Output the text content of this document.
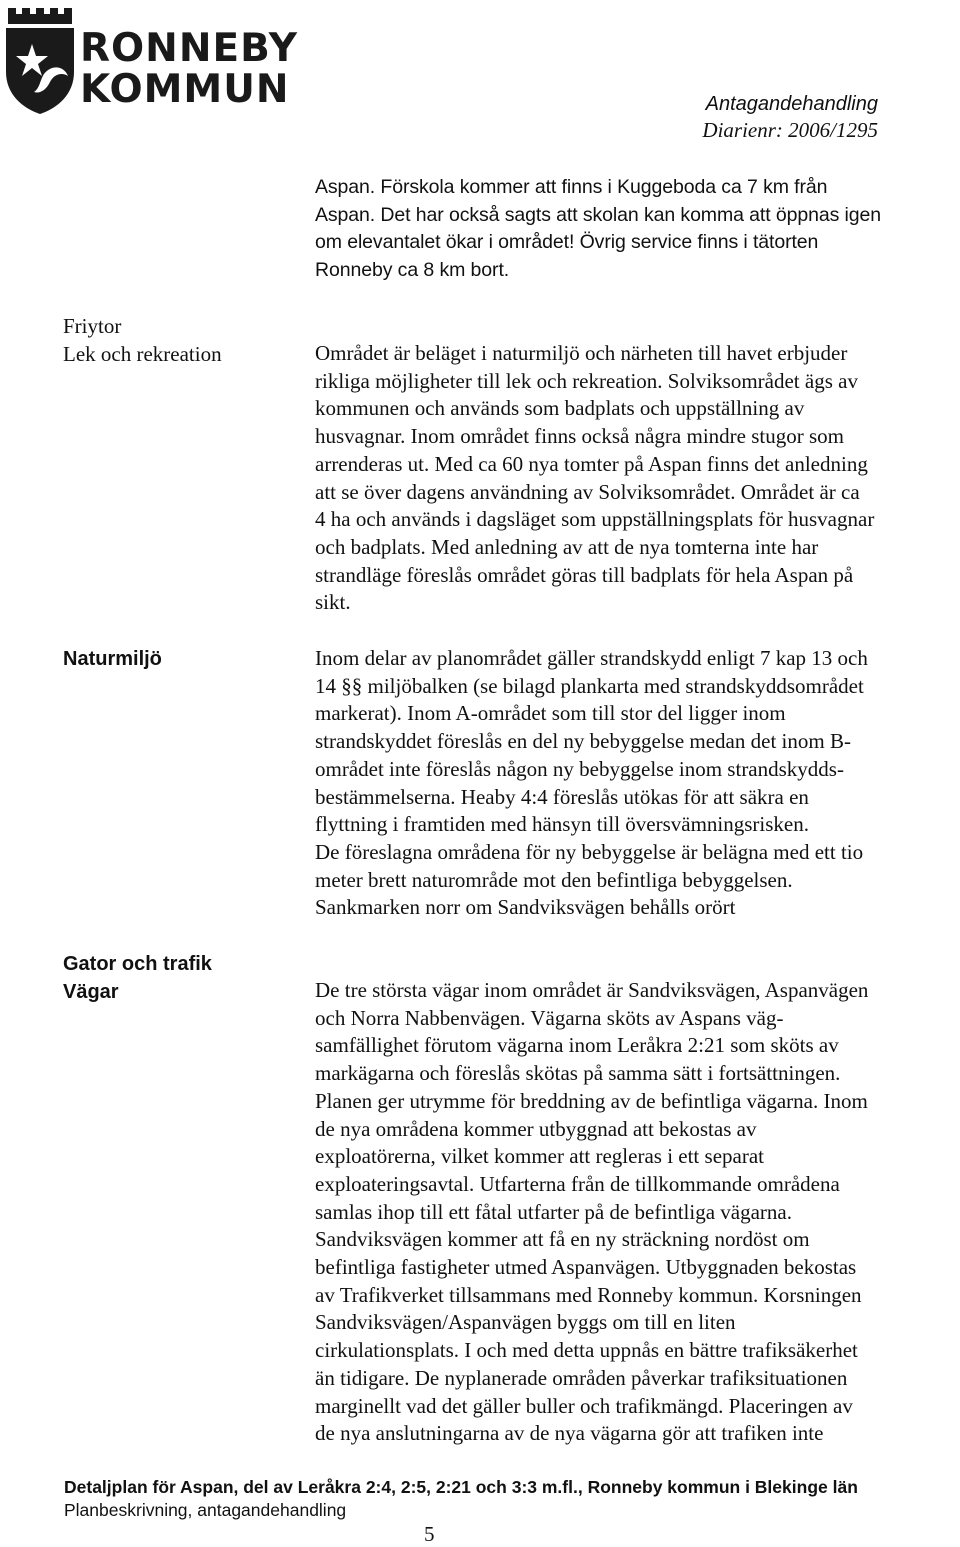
RONNEBY
KOMMUN	Antagandehandling
Diarienr: 2006/1295

Aspan. Förskola kommer att finns i Kuggeboda ca 7 km från
Aspan. Det har också sagts att skolan kan komma att öppnas igen
om elevantalet ökar i området! Övrig service finns i tätorten
Ronneby ca 8 km bort.

Friytor
Lek och rekreation	Området är beläget i naturmiljö och närheten till havet erbjuder
rikliga möjligheter till lek och rekreation. Solviksområdet ägs av
kommunen och används som badplats och uppställning av
husvagnar. Inom området finns också några mindre stugor som
arrenderas ut. Med ca 60 nya tomter på Aspan finns det anledning
att se över dagens användning av Solviksområdet. Området är ca
4 ha och används i dagsläget som uppställningsplats för husvagnar
och badplats. Med anledning av att de nya tomterna inte har
strandläge föreslås området göras till badplats för hela Aspan på
sikt.

Naturmiljö	Inom delar av planområdet gäller strandskydd enligt 7 kap 13 och
14 §§ miljöbalken (se bilagd plankarta med strandskyddsområdet
markerat). Inom A-området som till stor del ligger inom
strandskyddet föreslås en del ny bebyggelse medan det inom B-
området inte föreslås någon ny bebyggelse inom strandskydds-
bestämmelserna. Heaby 4:4 föreslås utökas för att säkra en
flyttning i framtiden med hänsyn till översvämningsrisken.
De föreslagna områdena för ny bebyggelse är belägna med ett tio
meter brett naturområde mot den befintliga bebyggelsen.
Sankmarken norr om Sandviksvägen behålls orört

Gator och trafik
Vägar	De tre största vägar inom området är Sandviksvägen, Aspanvägen
och Norra Nabbenvägen. Vägarna sköts av Aspans väg-
samfällighet förutom vägarna inom Leråkra 2:21 som sköts av
markägarna och föreslås skötas på samma sätt i fortsättningen.
Planen ger utrymme för breddning av de befintliga vägarna. Inom
de nya områdena kommer utbyggnad att bekostas av
exploatörerna, vilket kommer att regleras i ett separat
exploateringsavtal. Utfarterna från de tillkommande områdena
samlas ihop till ett fåtal utfarter på de befintliga vägarna.
Sandviksvägen kommer att få en ny sträckning nordöst om
befintliga fastigheter utmed Aspanvägen. Utbyggnaden bekostas
av Trafikverket tillsammans med Ronneby kommun. Korsningen
Sandviksvägen/Aspanvägen byggs om till en liten
cirkulationsplats. I och med detta uppnås en bättre trafiksäkerhet
än tidigare. De nyplanerade områden påverkar trafiksituationen
marginellt vad det gäller buller och trafikmängd. Placeringen av
de nya anslutningarna av de nya vägarna gör att trafiken inte

Detaljplan för Aspan, del av Leråkra 2:4, 2:5, 2:21 och 3:3 m.fl., Ronneby kommun i Blekinge län
Planbeskrivning, antagandehandling
5
